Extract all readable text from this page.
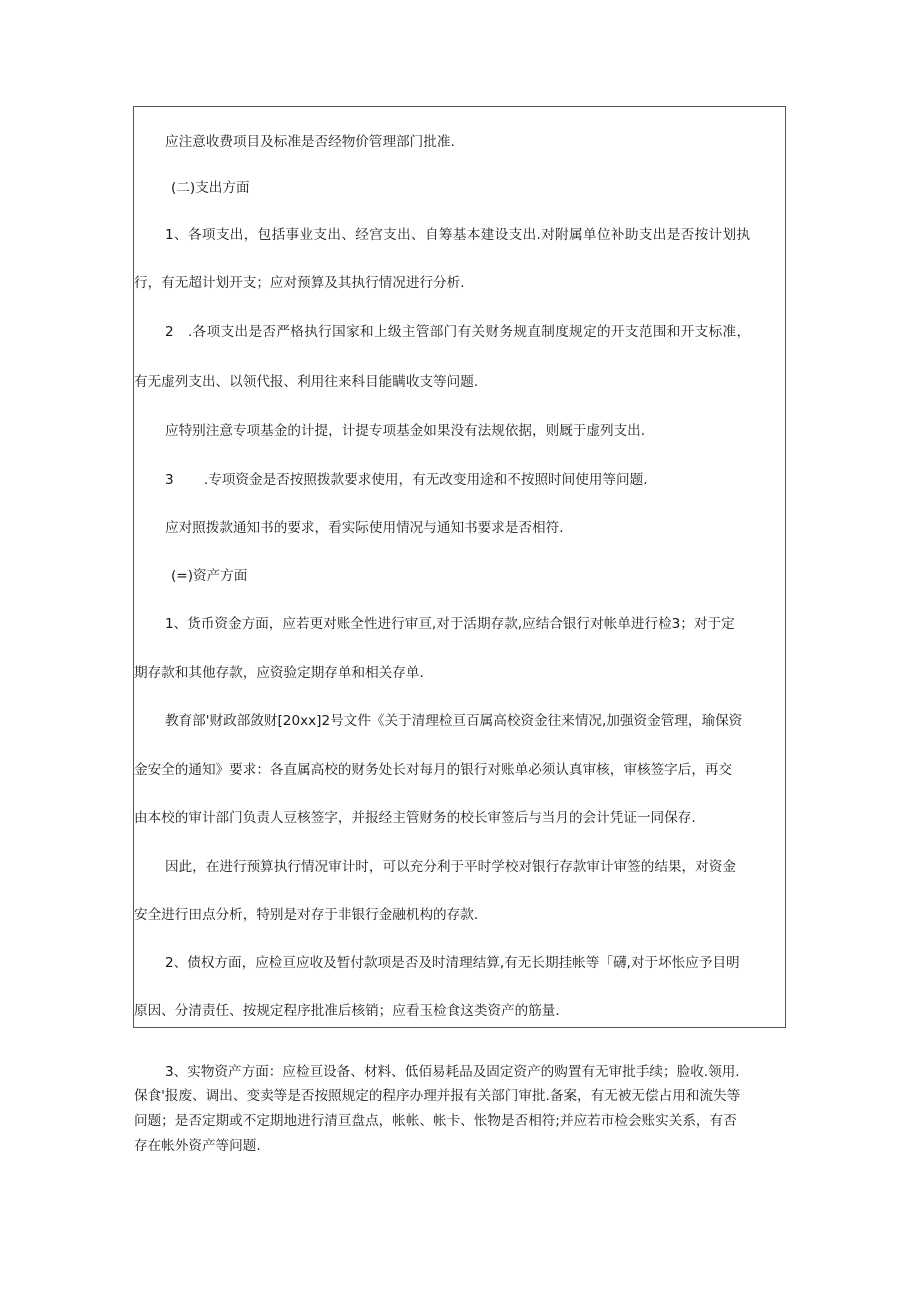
应注意收费项目及标准是否经物价管理部门批准.
(二)支出方面
1、各项支出，包括事业支出、经宫支出、自筹基本建设支出.对附属单位补助支出是否按计划执
行，有无超计划开支；应对预算及其执行情况进行分析.
2   .各项支出是否严格执行国家和上级主管部门有关财务规直制度规定的开支范围和开支标准，
有无虚列支出、以领代报、利用往来科目能瞒收支等问题.
应特别注意专项基金的计提，计提专项基金如果没有法规依据，则厩于虚列支出.
3       .专项资金是否按照拨款要求使用，有无改变用途和不按照时间使用等问题.
应对照拨款通知书的要求，看实际使用情况与通知书要求是否相符.
(=)资产方面
1、货币资金方面，应若更对账全性进行审亘,对于活期存款,应结合银行对帐单进行检3；对于定
期存款和其他存款，应资验定期存单和相关存单.
教育部'财政部敛财[20xx]2号文件《关于清理检亘百属高校资金往来情况,加强资金管理，瑜保资
金安全的通知》要求：各直属高校的财务处长对每月的银行对账单必须认真审核，审核签字后，再交
由本校的审计部门负责人豆核签字，并报经主管财务的校长审签后与当月的会计凭证一同保存.
因此，在进行预算执行情况审计时，可以充分利于平时学校对银行存款审计审签的结果，对资金
安全进行田点分析，特别是对存于非银行金融机构的存款.
2、债权方面，应检亘应收及暂付款项是否及时清理结算,有无长期挂帐等「礴,对于坏怅应予目明
原因、分清责任、按规定程序批准后核销；应看玉检食这类资产的筋量.
3、实物资产方面：应检亘设备、材料、低佰易耗品及固定资产的购置有无审批手续；脸收.领用.
保食'报废、调出、变卖等是否按照规定的程序办理并报有关部门审批.备案，有无被无偿占用和流失等
问题；是否定期或不定期地进行清亘盘点，帐帐、帐卡、怅物是否相符;并应若市检会账实关系，有否
存在帐外资产等问题.
